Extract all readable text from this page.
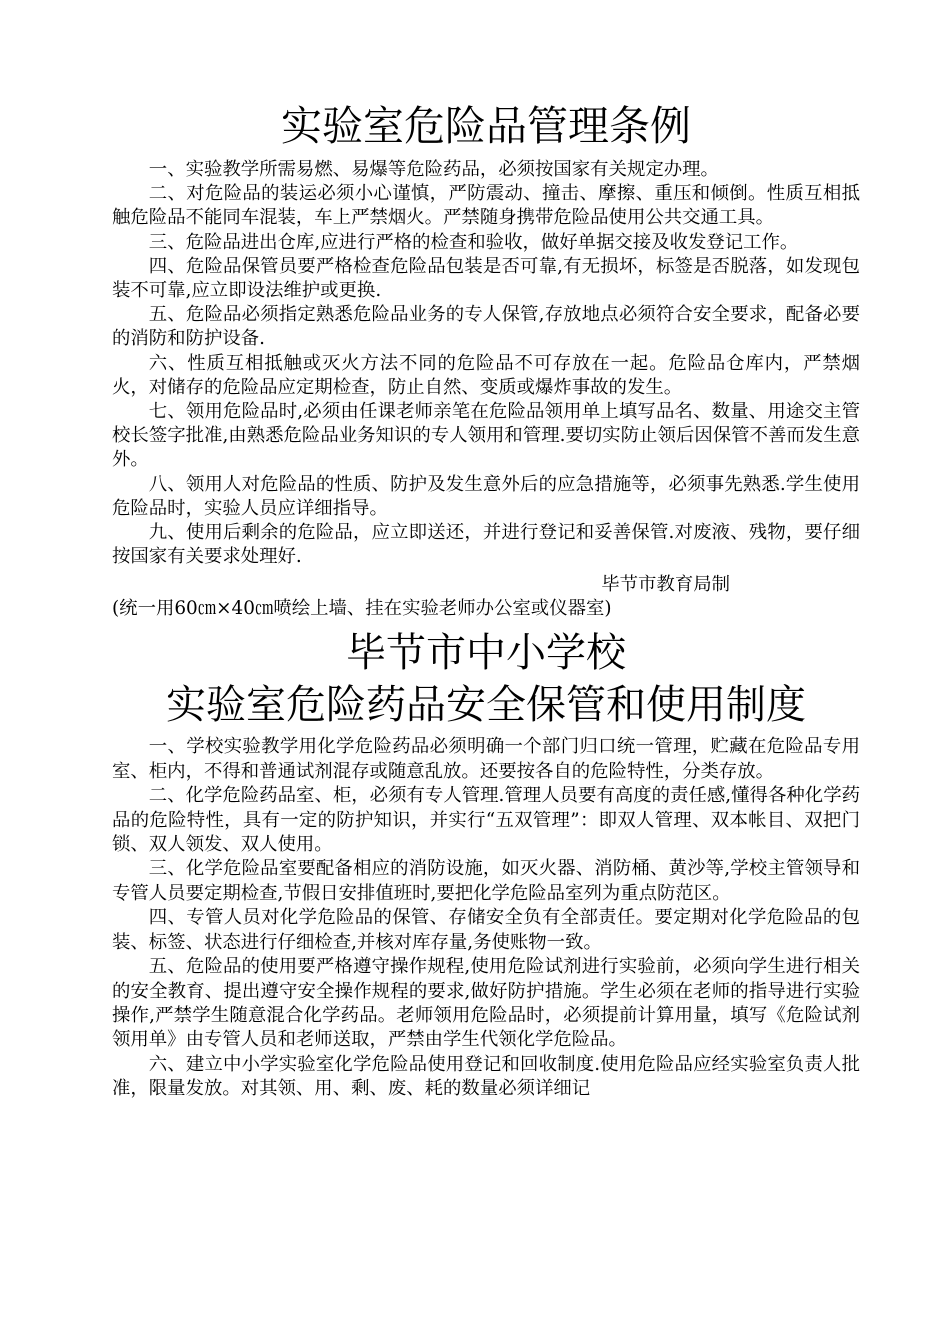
实验室危险品管理条例

一、实验教学所需易燃、易爆等危险药品，必须按国家有关规定办理。

二、对危险品的装运必须小心谨慎，严防震动、撞击、摩擦、重压和倾倒。性质互相抵触危险品不能同车混装，车上严禁烟火。严禁随身携带危险品使用公共交通工具。

三、危险品进出仓库,应进行严格的检查和验收，做好单据交接及收发登记工作。

四、危险品保管员要严格检查危险品包装是否可靠,有无损坏，标签是否脱落，如发现包装不可靠,应立即设法维护或更换.

五、危险品必须指定熟悉危险品业务的专人保管,存放地点必须符合安全要求，配备必要的消防和防护设备.

六、性质互相抵触或灭火方法不同的危险品不可存放在一起。危险品仓库内，严禁烟火，对储存的危险品应定期检查，防止自然、变质或爆炸事故的发生。

七、领用危险品时,必须由任课老师亲笔在危险品领用单上填写品名、数量、用途交主管校长签字批准,由熟悉危险品业务知识的专人领用和管理.要切实防止领后因保管不善而发生意外。

八、领用人对危险品的性质、防护及发生意外后的应急措施等，必须事先熟悉.学生使用危险品时，实验人员应详细指导。

九、使用后剩余的危险品，应立即送还，并进行登记和妥善保管.对废液、残物，要仔细按国家有关要求处理好.

毕节市教育局制

(统一用60㎝×40㎝喷绘上墙、挂在实验老师办公室或仪器室)

毕节市中小学校
实验室危险药品安全保管和使用制度

一、学校实验教学用化学危险药品必须明确一个部门归口统一管理，贮藏在危险品专用室、柜内，不得和普通试剂混存或随意乱放。还要按各自的危险特性，分类存放。

二、化学危险药品室、柜，必须有专人管理.管理人员要有高度的责任感,懂得各种化学药品的危险特性，具有一定的防护知识，并实行“五双管理”：即双人管理、双本帐目、双把门锁、双人领发、双人使用。

三、化学危险品室要配备相应的消防设施，如灭火器、消防桶、黄沙等,学校主管领导和专管人员要定期检查,节假日安排值班时,要把化学危险品室列为重点防范区。

四、专管人员对化学危险品的保管、存储安全负有全部责任。要定期对化学危险品的包装、标签、状态进行仔细检查,并核对库存量,务使账物一致。

五、危险品的使用要严格遵守操作规程,使用危险试剂进行实验前，必须向学生进行相关的安全教育、提出遵守安全操作规程的要求,做好防护措施。学生必须在老师的指导进行实验操作,严禁学生随意混合化学药品。老师领用危险品时，必须提前计算用量，填写《危险试剂领用单》由专管人员和老师送取，严禁由学生代领化学危险品。

六、建立中小学实验室化学危险品使用登记和回收制度.使用危险品应经实验室负责人批准，限量发放。对其领、用、剩、废、耗的数量必须详细记
